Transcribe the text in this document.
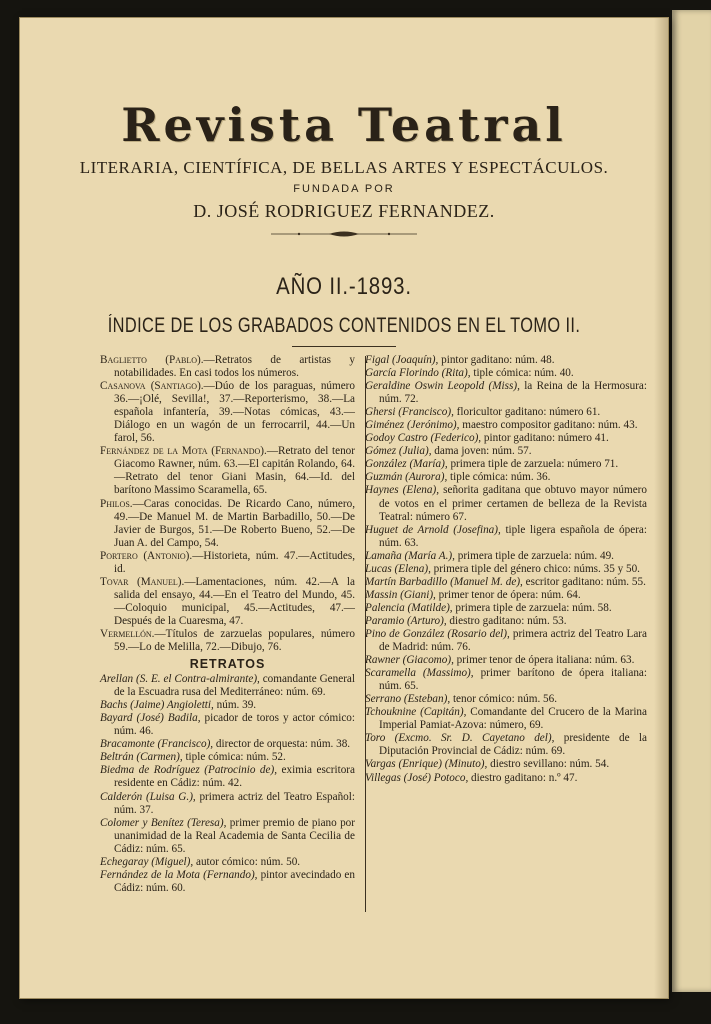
Revista Teatral
LITERARIA, CIENTÍFICA, DE BELLAS ARTES Y ESPECTÁCULOS.
FUNDADA POR
D. JOSÉ RODRIGUEZ FERNANDEZ.
AÑO II.-1893.
ÍNDICE DE LOS GRABADOS CONTENIDOS EN EL TOMO II.

Baglietto (Pablo).—Retratos de artistas y notabilidades. En casi todos los números.

Casanova (Santiago).—Dúo de los paraguas, número 36.—¡Olé, Sevilla!, 37.—Reporterismo, 38.—La española infantería, 39.—Notas cómicas, 43.—Diálogo en un wagón de un ferrocarril, 44.—Un farol, 56.

Fernández de la Mota (Fernando).—Retrato del tenor Giacomo Rawner, núm. 63.—El capitán Rolando, 64.—Retrato del tenor Giani Masin, 64.—Id. del barítono Massimo Scaramella, 65.

Philos.—Caras conocidas. De Ricardo Cano, número, 49.—De Manuel M. de Martin Barbadillo, 50.—De Javier de Burgos, 51.—De Roberto Bueno, 52.—De Juan A. del Campo, 54.

Portero (Antonio).—Historieta, núm. 47.—Actitudes, id.

Tovar (Manuel).—Lamentaciones, núm. 42.—A la salida del ensayo, 44.—En el Teatro del Mundo, 45.—Coloquio municipal, 45.—Actitudes, 47.—Después de la Cuaresma, 47.

Vermellón.—Títulos de zarzuelas populares, número 59.—Lo de Melilla, 72.—Dibujo, 76.

RETRATOS

Arellan (S. E. el Contra-almirante), comandante General de la Escuadra rusa del Mediterráneo: núm. 69.

Bachs (Jaime) Angioletti, núm. 39.

Bayard (José) Badila, picador de toros y actor cómico: núm. 46.

Bracamonte (Francisco), director de orquesta: núm. 38.

Beltrán (Carmen), tiple cómica: núm. 52.

Biedma de Rodríguez (Patrocinio de), eximia escritora residente en Cádiz: núm. 42.

Calderón (Luisa G.), primera actriz del Teatro Español: núm. 37.

Colomer y Benítez (Teresa), primer premio de piano por unanimidad de la Real Academia de Santa Cecilia de Cádiz: núm. 65.

Echegaray (Miguel), autor cómico: núm. 50.

Fernández de la Mota (Fernando), pintor avecindado en Cádiz: núm. 60.

Figal (Joaquín), pintor gaditano: núm. 48.

García Florindo (Rita), tiple cómica: núm. 40.

Geraldine Oswin Leopold (Miss), la Reina de la Hermosura: núm. 72.

Ghersi (Francisco), floricultor gaditano: número 61.

Giménez (Jerónimo), maestro compositor gaditano: núm. 43.

Godoy Castro (Federico), pintor gaditano: número 41.

Gómez (Julia), dama joven: núm. 57.

González (María), primera tiple de zarzuela: número 71.

Guzmán (Aurora), tiple cómica: núm. 36.

Haynes (Elena), señorita gaditana que obtuvo mayor número de votos en el primer certamen de belleza de la Revista Teatral: número 67.

Huguet de Arnold (Josefina), tiple ligera española de ópera: núm. 63.

Lamaña (María A.), primera tiple de zarzuela: núm. 49.

Lucas (Elena), primera tiple del género chico: núms. 35 y 50.

Martín Barbadillo (Manuel M. de), escritor gaditano: núm. 55.

Massin (Giani), primer tenor de ópera: núm. 64.

Palencia (Matilde), primera tiple de zarzuela: núm. 58.

Paramio (Arturo), diestro gaditano: núm. 53.

Pino de González (Rosario del), primera actriz del Teatro Lara de Madrid: núm. 76.

Rawner (Giacomo), primer tenor de ópera italiana: núm. 63.

Scaramella (Massimo), primer barítono de ópera italiana: núm. 65.

Serrano (Esteban), tenor cómico: núm. 56.

Tchouknine (Capitán), Comandante del Crucero de la Marina Imperial Pamiat-Azova: número, 69.

Toro (Excmo. Sr. D. Cayetano del), presidente de la Diputación Provincial de Cádiz: núm. 69.

Vargas (Enrique) (Minuto), diestro sevillano: núm. 54.

Villegas (José) Potoco, diestro gaditano: n.º 47.
